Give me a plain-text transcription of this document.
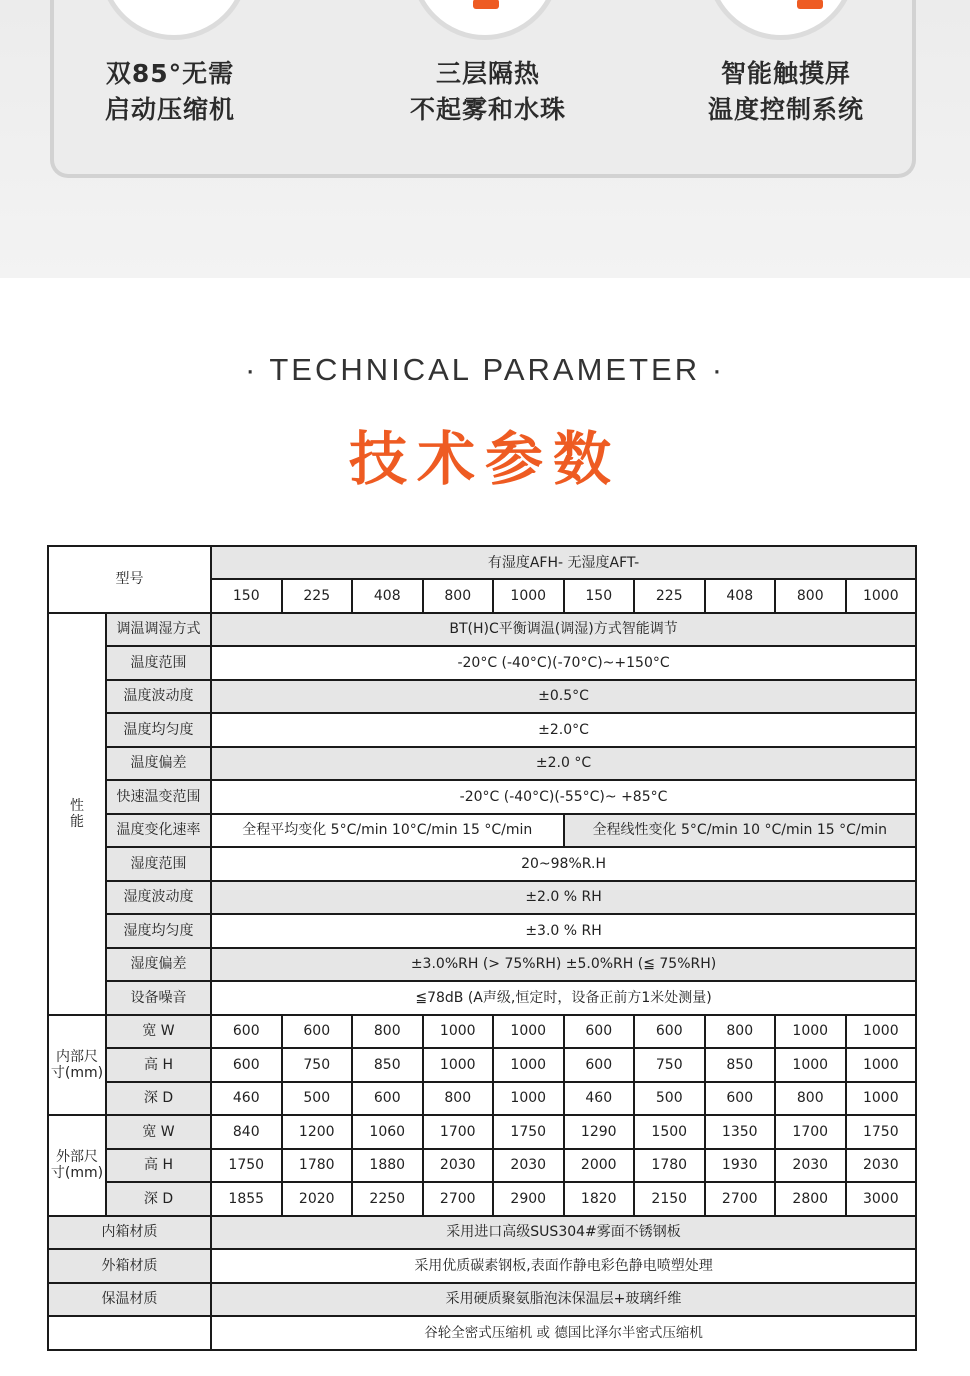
双85°无需
启动压缩机
三层隔热
不起雾和水珠
智能触摸屏
温度控制系统
· TECHNICAL PARAMETER ·
技术参数
型号		有湿度AFH- 无湿度AFT-									
		150	225	408	800	1000	150	225	408	800	1000
性
能	调温调湿方式	BT(H)C平衡调温(调湿)方式智能调节									
	温度范围	-20°C (-40°C)(-70°C)~+150°C									
	温度波动度	±0.5°C									
	温度均匀度	±2.0°C									
	温度偏差	±2.0 °C									
	快速温变范围	-20°C (-40°C)(-55°C)~ +85°C									
	温度变化速率	全程平均变化 5°C/min 10°C/min 15 °C/min					全程线性变化 5°C/min 10 °C/min 15 °C/min				
	湿度范围	20~98%R.H									
	湿度波动度	±2.0 % RH									
	湿度均匀度	±3.0 % RH									
	湿度偏差	±3.0%RH (> 75%RH) ±5.0%RH (≦ 75%RH)									
	设备噪音	≦78dB (A声级,恒定时，设备正前方1米处测量)									
内部尺
寸(mm)	宽 W	600	600	800	1000	1000	600	600	800	1000	1000
	高 H	600	750	850	1000	1000	600	750	850	1000	1000
	深 D	460	500	600	800	1000	460	500	600	800	1000
外部尺
寸(mm)	宽 W	840	1200	1060	1700	1750	1290	1500	1350	1700	1750
	高 H	1750	1780	1880	2030	2030	2000	1780	1930	2030	2030
	深 D	1855	2020	2250	2700	2900	1820	2150	2700	2800	3000
内箱材质		采用进口高级SUS304#雾面不锈钢板									
外箱材质		采用优质碳素钢板,表面作静电彩色静电喷塑处理									
保温材质		采用硬质聚氨脂泡沫保温层+玻璃纤维									
		谷轮全密式压缩机 或 德国比泽尔半密式压缩机									
